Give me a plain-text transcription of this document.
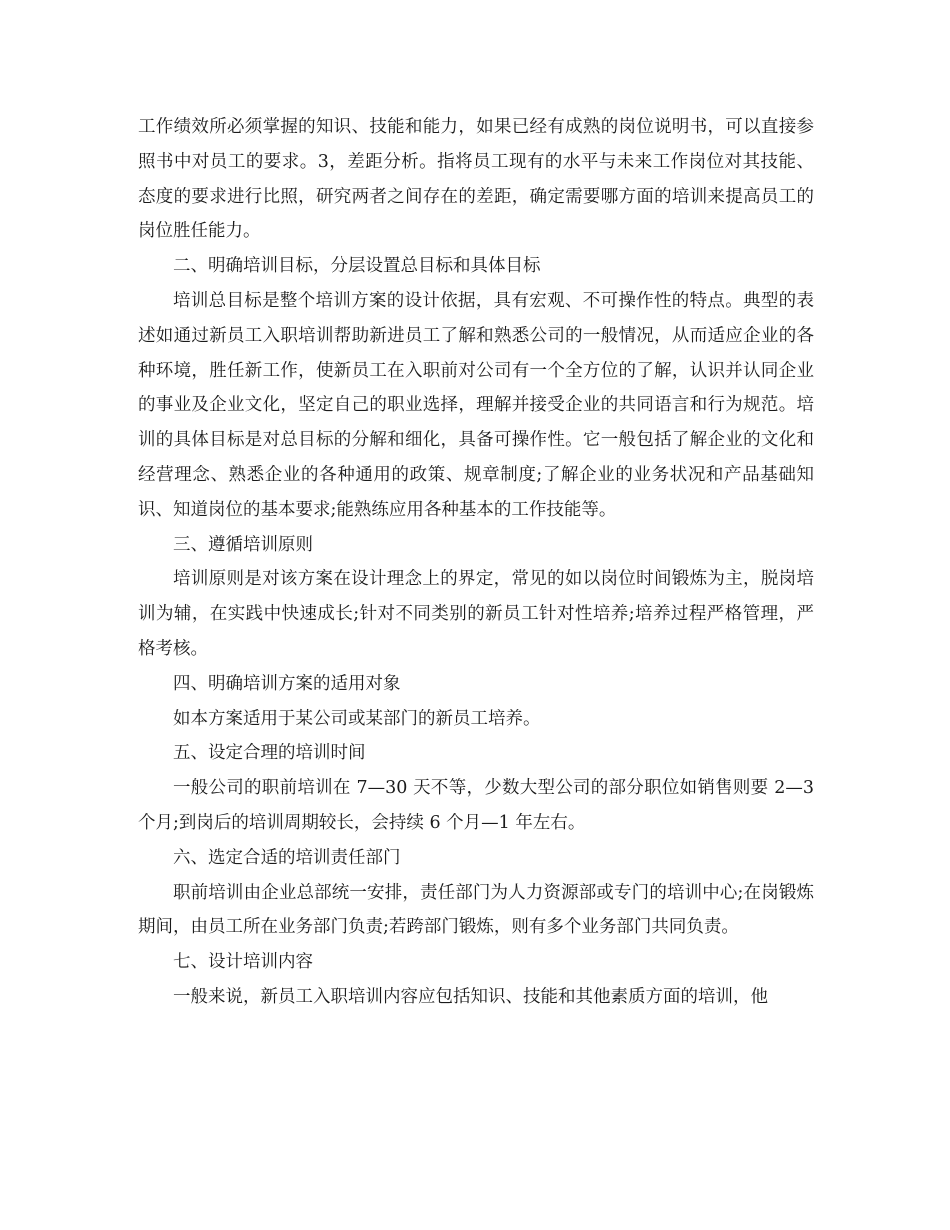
工作绩效所必须掌握的知识、技能和能力，如果已经有成熟的岗位说明书，可以直接参照书中对员工的要求。3，差距分析。指将员工现有的水平与未来工作岗位对其技能、态度的要求进行比照，研究两者之间存在的差距，确定需要哪方面的培训来提高员工的岗位胜任能力。

二、明确培训目标，分层设置总目标和具体目标

培训总目标是整个培训方案的设计依据，具有宏观、不可操作性的特点。典型的表述如通过新员工入职培训帮助新进员工了解和熟悉公司的一般情况，从而适应企业的各种环境，胜任新工作，使新员工在入职前对公司有一个全方位的了解，认识并认同企业的事业及企业文化，坚定自己的职业选择，理解并接受企业的共同语言和行为规范。培训的具体目标是对总目标的分解和细化，具备可操作性。它一般包括了解企业的文化和经营理念、熟悉企业的各种通用的政策、规章制度;了解企业的业务状况和产品基础知识、知道岗位的基本要求;能熟练应用各种基本的工作技能等。

三、遵循培训原则

培训原则是对该方案在设计理念上的界定，常见的如以岗位时间锻炼为主，脱岗培训为辅，在实践中快速成长;针对不同类别的新员工针对性培养;培养过程严格管理，严格考核。

四、明确培训方案的适用对象

如本方案适用于某公司或某部门的新员工培养。

五、设定合理的培训时间

一般公司的职前培训在 7—30 天不等，少数大型公司的部分职位如销售则要 2—3 个月;到岗后的培训周期较长，会持续 6 个月—1 年左右。

六、选定合适的培训责任部门

职前培训由企业总部统一安排，责任部门为人力资源部或专门的培训中心;在岗锻炼期间，由员工所在业务部门负责;若跨部门锻炼，则有多个业务部门共同负责。

七、设计培训内容

一般来说，新员工入职培训内容应包括知识、技能和其他素质方面的培训，他
